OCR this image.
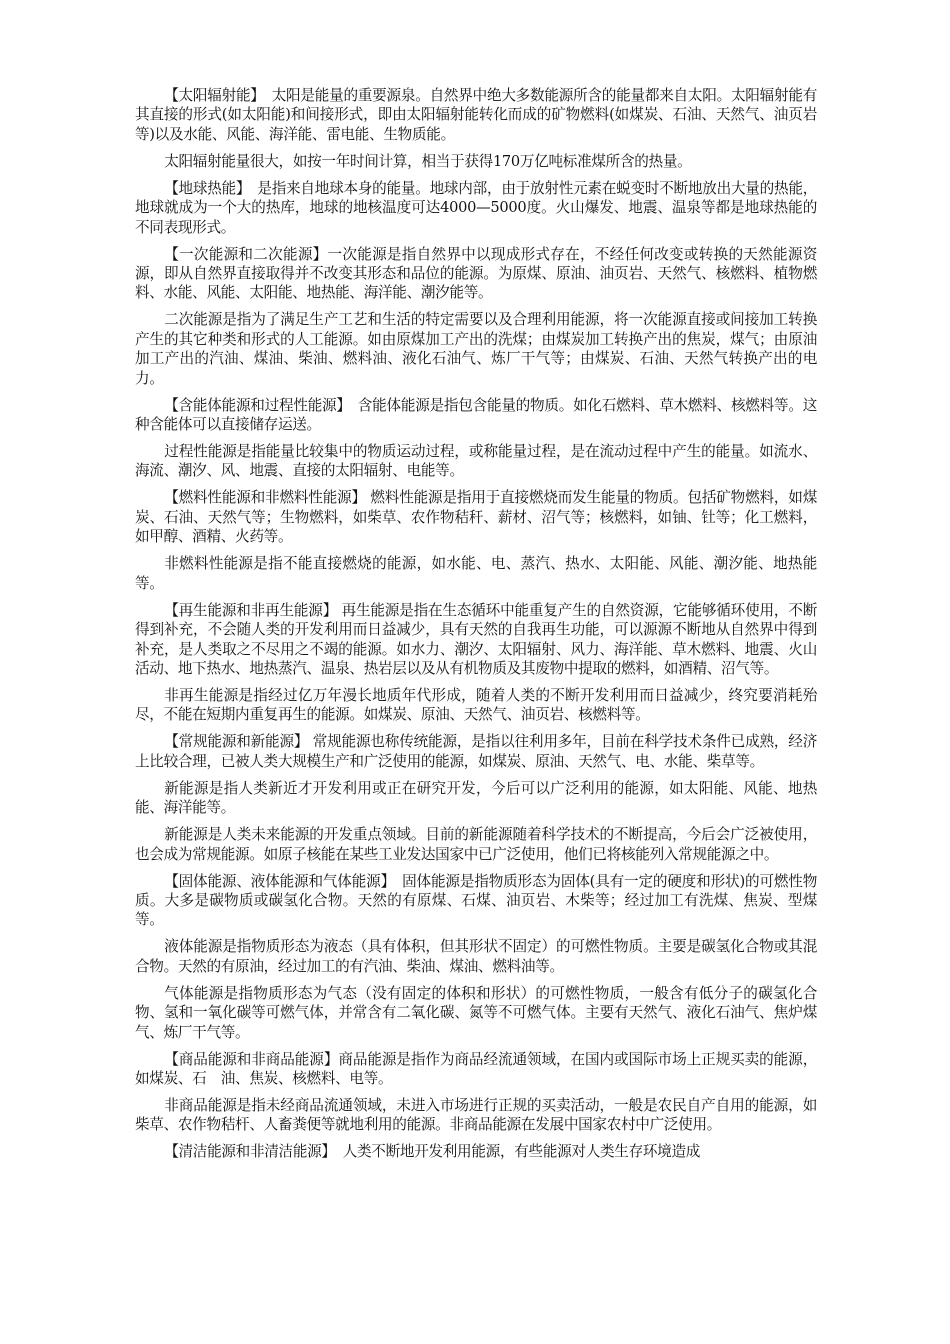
【太阳辐射能】　太阳是能量的重要源泉。自然界中绝大多数能源所含的能量都来自太阳。太阳辐射能有其直接的形式(如太阳能)和间接形式，即由太阳辐射能转化而成的矿物燃料(如煤炭、石油、天然气、油页岩等)以及水能、风能、海洋能、雷电能、生物质能。

太阳辐射能量很大，如按一年时间计算，相当于获得170万亿吨标准煤所含的热量。

【地球热能】　是指来自地球本身的能量。地球内部，由于放射性元素在蜕变时不断地放出大量的热能，地球就成为一个大的热库，地球的地核温度可达4000—5000度。火山爆发、地震、温泉等都是地球热能的不同表现形式。

【一次能源和二次能源】一次能源是指自然界中以现成形式存在，不经任何改变或转换的天然能源资源，即从自然界直接取得并不改变其形态和品位的能源。为原煤、原油、油页岩、天然气、核燃料、植物燃料、水能、风能、太阳能、地热能、海洋能、潮汐能等。

二次能源是指为了满足生产工艺和生活的特定需要以及合理利用能源，将一次能源直接或间接加工转换产生的其它种类和形式的人工能源。如由原煤加工产出的洗煤；由煤炭加工转换产出的焦炭，煤气；由原油加工产出的汽油、煤油、柴油、燃料油、液化石油气、炼厂干气等；由煤炭、石油、天然气转换产出的电力。

【含能体能源和过程性能源】　含能体能源是指包含能量的物质。如化石燃料、草木燃料、核燃料等。这种含能体可以直接储存运送。

过程性能源是指能量比较集中的物质运动过程，或称能量过程，是在流动过程中产生的能量。如流水、海流、潮汐、风、地震、直接的太阳辐射、电能等。

【燃料性能源和非燃料性能源】 燃料性能源是指用于直接燃烧而发生能量的物质。包括矿物燃料，如煤炭、石油、天然气等；生物燃料，如柴草、农作物秸秆、薪材、沼气等；核燃料，如铀、钍等；化工燃料，如甲醇、酒精、火药等。

非燃料性能源是指不能直接燃烧的能源，如水能、电、蒸汽、热水、太阳能、风能、潮汐能、地热能等。

【再生能源和非再生能源】 再生能源是指在生态循环中能重复产生的自然资源，它能够循环使用，不断得到补充，不会随人类的开发利用而日益减少，具有天然的自我再生功能，可以源源不断地从自然界中得到补充，是人类取之不尽用之不竭的能源。如水力、潮汐、太阳辐射、风力、海洋能、草木燃料、地震、火山活动、地下热水、地热蒸汽、温泉、热岩层以及从有机物质及其废物中提取的燃料，如酒精、沼气等。

非再生能源是指经过亿万年漫长地质年代形成，随着人类的不断开发利用而日益减少，终究要消耗殆尽，不能在短期内重复再生的能源。如煤炭、原油、天然气、油页岩、核燃料等。

【常规能源和新能源】 常规能源也称传统能源，是指以往利用多年，目前在科学技术条件已成熟，经济上比较合理，已被人类大规模生产和广泛使用的能源，如煤炭、原油、天然气、电、水能、柴草等。

新能源是指人类新近才开发利用或正在研究开发，今后可以广泛利用的能源，如太阳能、风能、地热能、海洋能等。

新能源是人类未来能源的开发重点领域。目前的新能源随着科学技术的不断提高，今后会广泛被使用，也会成为常规能源。如原子核能在某些工业发达国家中已广泛使用，他们已将核能列入常规能源之中。

【固体能源、液体能源和气体能源】　固体能源是指物质形态为固体(具有一定的硬度和形状)的可燃性物质。大多是碳物质或碳氢化合物。天然的有原煤、石煤、油页岩、木柴等；经过加工有洗煤、焦炭、型煤等。

液体能源是指物质形态为液态（具有体积，但其形状不固定）的可燃性物质。主要是碳氢化合物或其混合物。天然的有原油，经过加工的有汽油、柴油、煤油、燃料油等。

气体能源是指物质形态为气态（没有固定的体积和形状）的可燃性物质，一般含有低分子的碳氢化合物、氢和一氧化碳等可燃气体，并常含有二氧化碳、氮等不可燃气体。主要有天然气、液化石油气、焦炉煤气、炼厂干气等。

【商品能源和非商品能源】商品能源是指作为商品经流通领域，在国内或国际市场上正规买卖的能源，如煤炭、石　油、焦炭、核燃料、电等。

非商品能源是指未经商品流通领域，未进入市场进行正规的买卖活动，一般是农民自产自用的能源，如柴草、农作物秸杆、人畜粪便等就地利用的能源。非商品能源在发展中国家农村中广泛使用。

【清洁能源和非清洁能源】　人类不断地开发利用能源，有些能源对人类生存环境造成
